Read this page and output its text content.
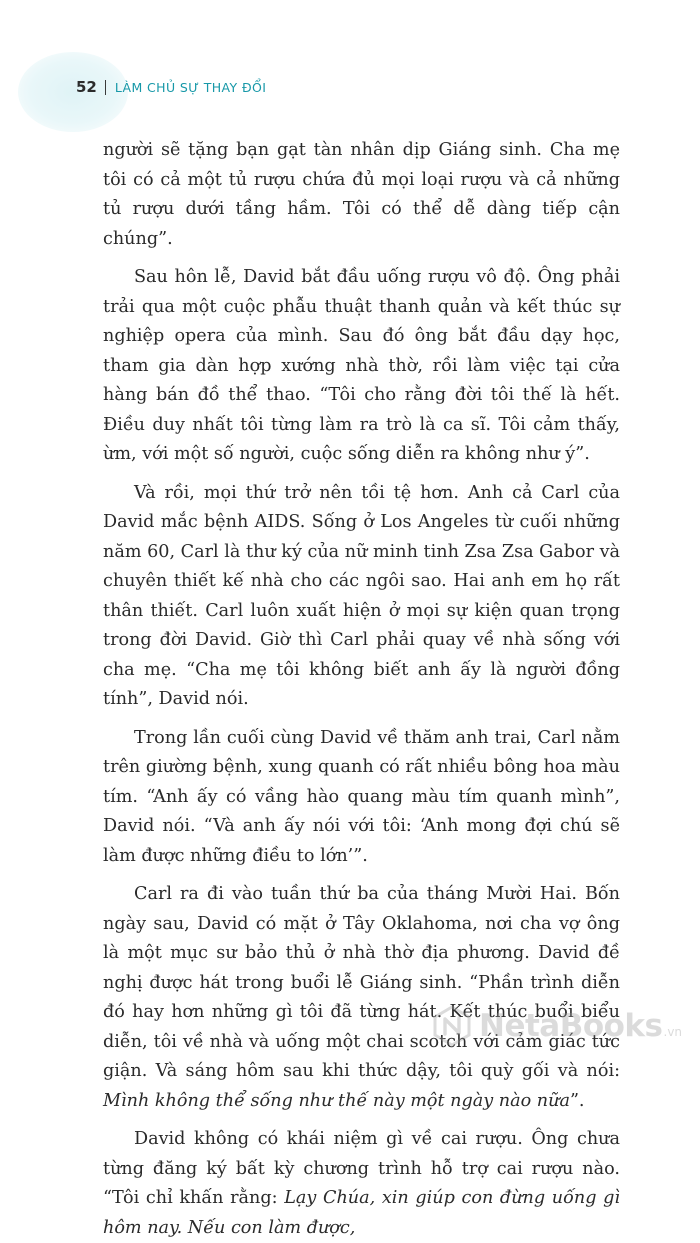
52 LÀM CHỦ SỰ THAY ĐỔI

người sẽ tặng bạn gạt tàn nhân dịp Giáng sinh. Cha mẹ tôi có cả một tủ rượu chứa đủ mọi loại rượu và cả những tủ rượu dưới tầng hầm. Tôi có thể dễ dàng tiếp cận chúng”.

Sau hôn lễ, David bắt đầu uống rượu vô độ. Ông phải trải qua một cuộc phẫu thuật thanh quản và kết thúc sự nghiệp opera của mình. Sau đó ông bắt đầu dạy học, tham gia dàn hợp xướng nhà thờ, rồi làm việc tại cửa hàng bán đồ thể thao. “Tôi cho rằng đời tôi thế là hết. Điều duy nhất tôi từng làm ra trò là ca sĩ. Tôi cảm thấy, ừm, với một số người, cuộc sống diễn ra không như ý”.

Và rồi, mọi thứ trở nên tồi tệ hơn. Anh cả Carl của David mắc bệnh AIDS. Sống ở Los Angeles từ cuối những năm 60, Carl là thư ký của nữ minh tinh Zsa Zsa Gabor và chuyên thiết kế nhà cho các ngôi sao. Hai anh em họ rất thân thiết. Carl luôn xuất hiện ở mọi sự kiện quan trọng trong đời David. Giờ thì Carl phải quay về nhà sống với cha mẹ. “Cha mẹ tôi không biết anh ấy là người đồng tính”, David nói.

Trong lần cuối cùng David về thăm anh trai, Carl nằm trên giường bệnh, xung quanh có rất nhiều bông hoa màu tím. “Anh ấy có vầng hào quang màu tím quanh mình”, David nói. “Và anh ấy nói với tôi: ‘Anh mong đợi chú sẽ làm được những điều to lớn’”.

Carl ra đi vào tuần thứ ba của tháng Mười Hai. Bốn ngày sau, David có mặt ở Tây Oklahoma, nơi cha vợ ông là một mục sư bảo thủ ở nhà thờ địa phương. David đề nghị được hát trong buổi lễ Giáng sinh. “Phần trình diễn đó hay hơn những gì tôi đã từng hát. Kết thúc buổi biểu diễn, tôi về nhà và uống một chai scotch với cảm giác tức giận. Và sáng hôm sau khi thức dậy, tôi quỳ gối và nói: Mình không thể sống như thế này một ngày nào nữa”.

David không có khái niệm gì về cai rượu. Ông chưa từng đăng ký bất kỳ chương trình hỗ trợ cai rượu nào. “Tôi chỉ khấn rằng: Lạy Chúa, xin giúp con đừng uống gì hôm nay. Nếu con làm được,

NetaBooks .vn
